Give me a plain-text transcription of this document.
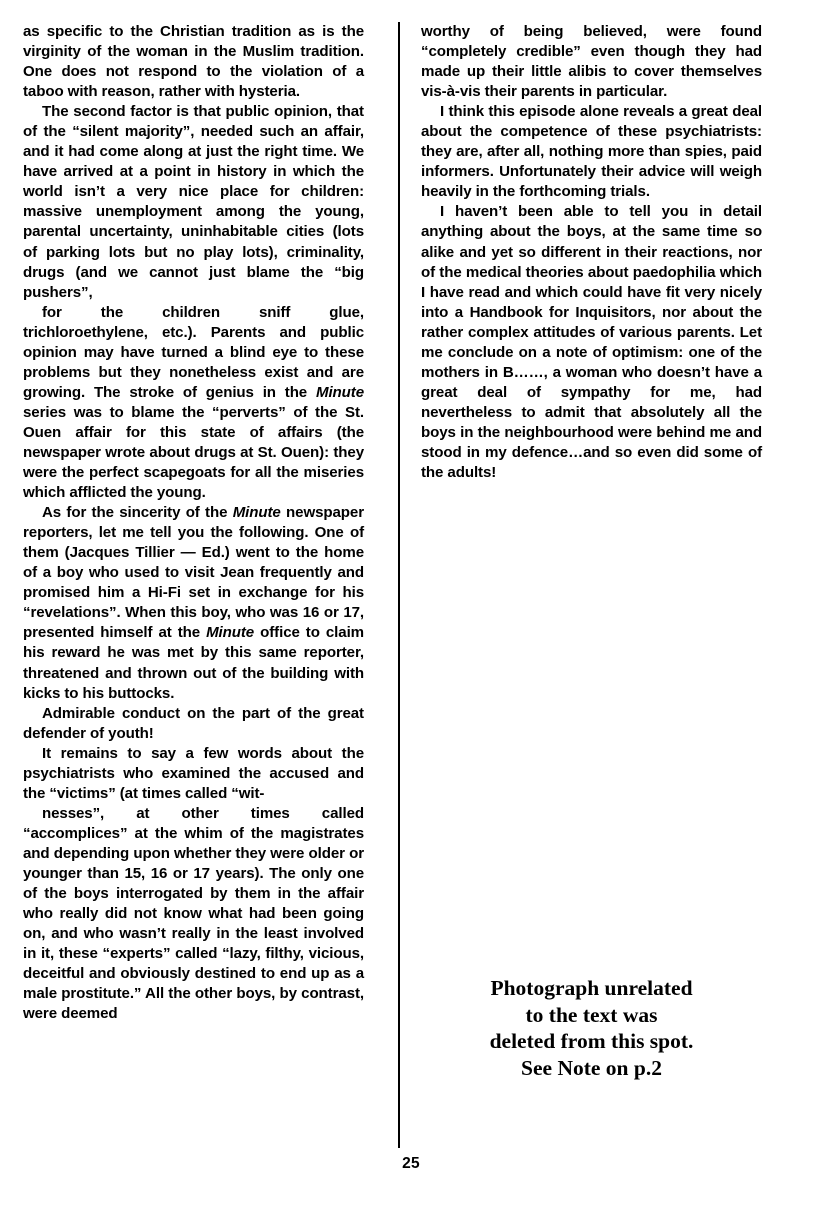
as specific to the Christian tradition as is the virginity of the woman in the Muslim tradition. One does not respond to the violation of a taboo with reason, rather with hysteria.

The second factor is that public opinion, that of the “silent majority”, needed such an affair, and it had come along at just the right time. We have arrived at a point in history in which the world isn’t a very nice place for children: massive unemployment among the young, parental uncertainty, uninhabitable cities (lots of parking lots but no play lots), criminality, drugs (and we cannot just blame the “big pushers”,
for the children sniff glue,
trichloroethylene, etc.). Parents and public opinion may have turned a blind eye to these problems but they nonetheless exist and are growing. The stroke of genius in the Minute series was to blame the “perverts” of the St. Ouen affair for this state of affairs (the newspaper wrote about drugs at St. Ouen): they were the perfect scapegoats for all the miseries which afflicted the young.

As for the sincerity of the Minute newspaper reporters, let me tell you the following. One of them (Jacques Tillier — Ed.) went to the home of a boy who used to visit Jean frequently and promised him a Hi-Fi set in exchange for his “revelations”. When this boy, who was 16 or 17, presented himself at the Minute office to claim his reward he was met by this same reporter, threatened and thrown out of the building with kicks to his buttocks.

Admirable conduct on the part of the great defender of youth!

It remains to say a few words about the psychiatrists who examined the accused and the “victims” (at times called “wit-
nesses”, at other times called
“accomplices” at the whim of the magistrates and depending upon whether they were older or younger than 15, 16 or 17 years). The only one of the boys interrogated by them in the affair who really did not know what had been going on, and who wasn’t really in the least involved in it, these “experts” called “lazy, filthy, vicious, deceitful and obviously destined to end up as a male prostitute.” All the other boys, by contrast, were deemed

worthy of being believed, were found “completely credible” even though they had made up their little alibis to cover themselves vis-à-vis their parents in particular.

I think this episode alone reveals a great deal about the competence of these psychiatrists: they are, after all, nothing more than spies, paid informers. Unfortunately their advice will weigh heavily in the forthcoming trials.

I haven’t been able to tell you in detail anything about the boys, at the same time so alike and yet so different in their reactions, nor of the medical theories about paedophilia which I have read and which could have fit very nicely into a Handbook for Inquisitors, nor about the rather complex attitudes of various parents. Let me conclude on a note of optimism: one of the mothers in B……, a woman who doesn’t have a great deal of sympathy for me, had nevertheless to admit that absolutely all the boys in the neighbourhood were behind me and stood in my defence…and so even did some of the adults!

Photograph unrelated
to the text was
deleted from this spot.
See Note on p.2
25
